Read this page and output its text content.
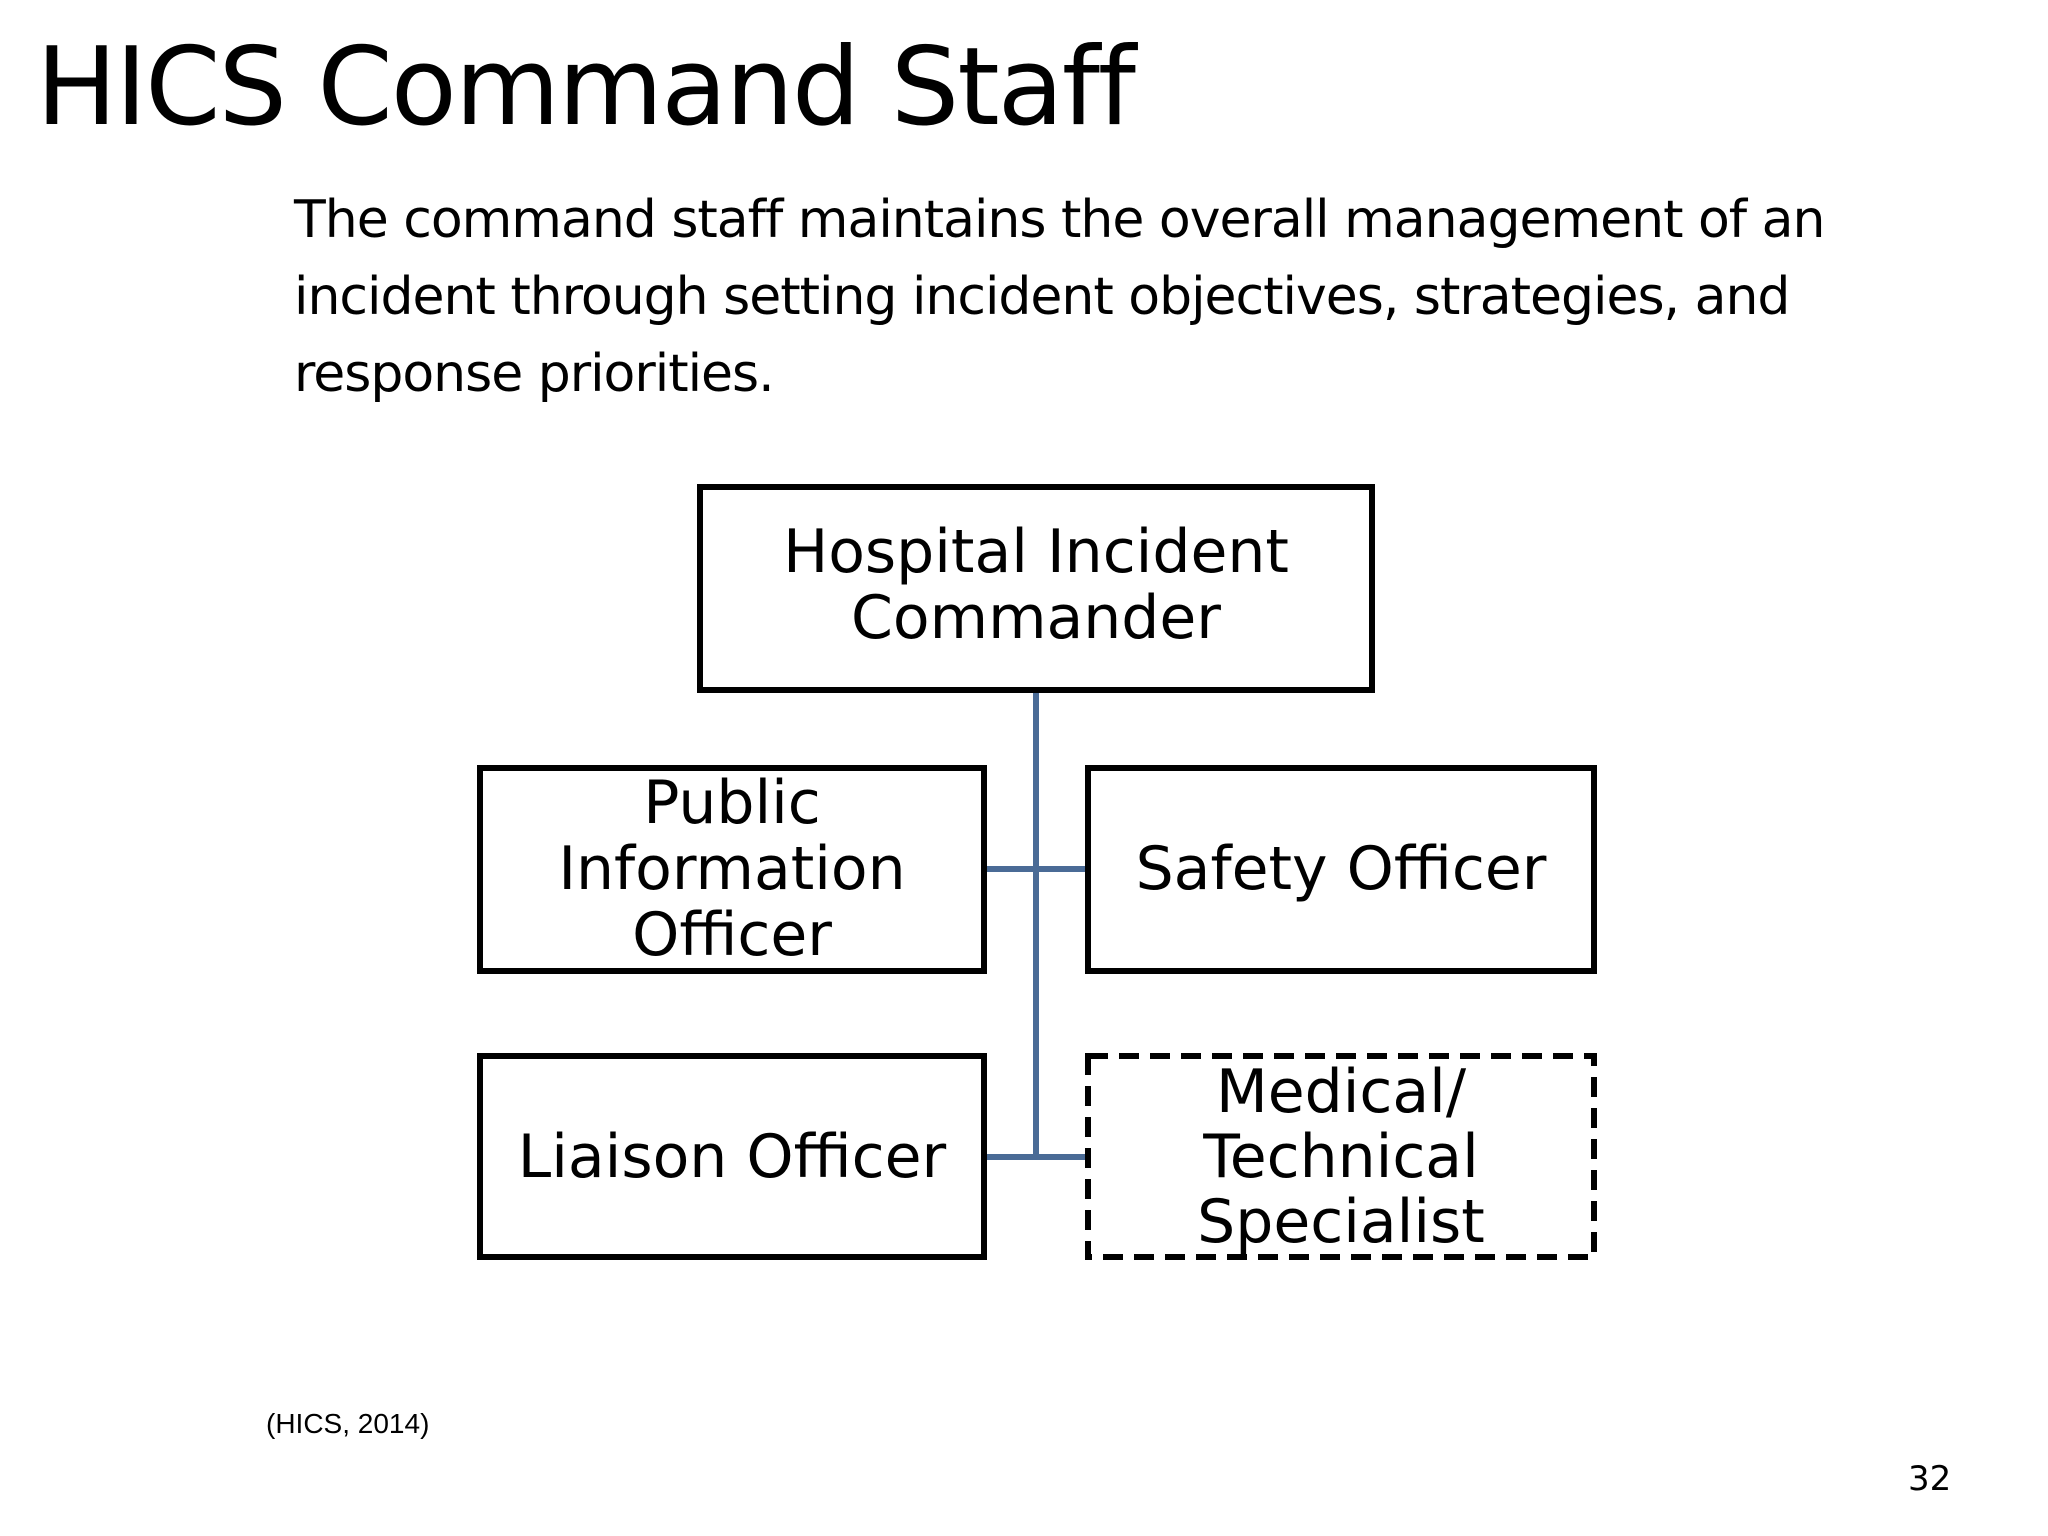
HICS Command Staff
The command staff maintains the overall management of an
incident through setting incident objectives, strategies, and
response priorities.
Hospital Incident
Commander
Public
Information
Officer
Safety Officer
Liaison Officer
Medical/
Technical
Specialist
(HICS, 2014)
32
